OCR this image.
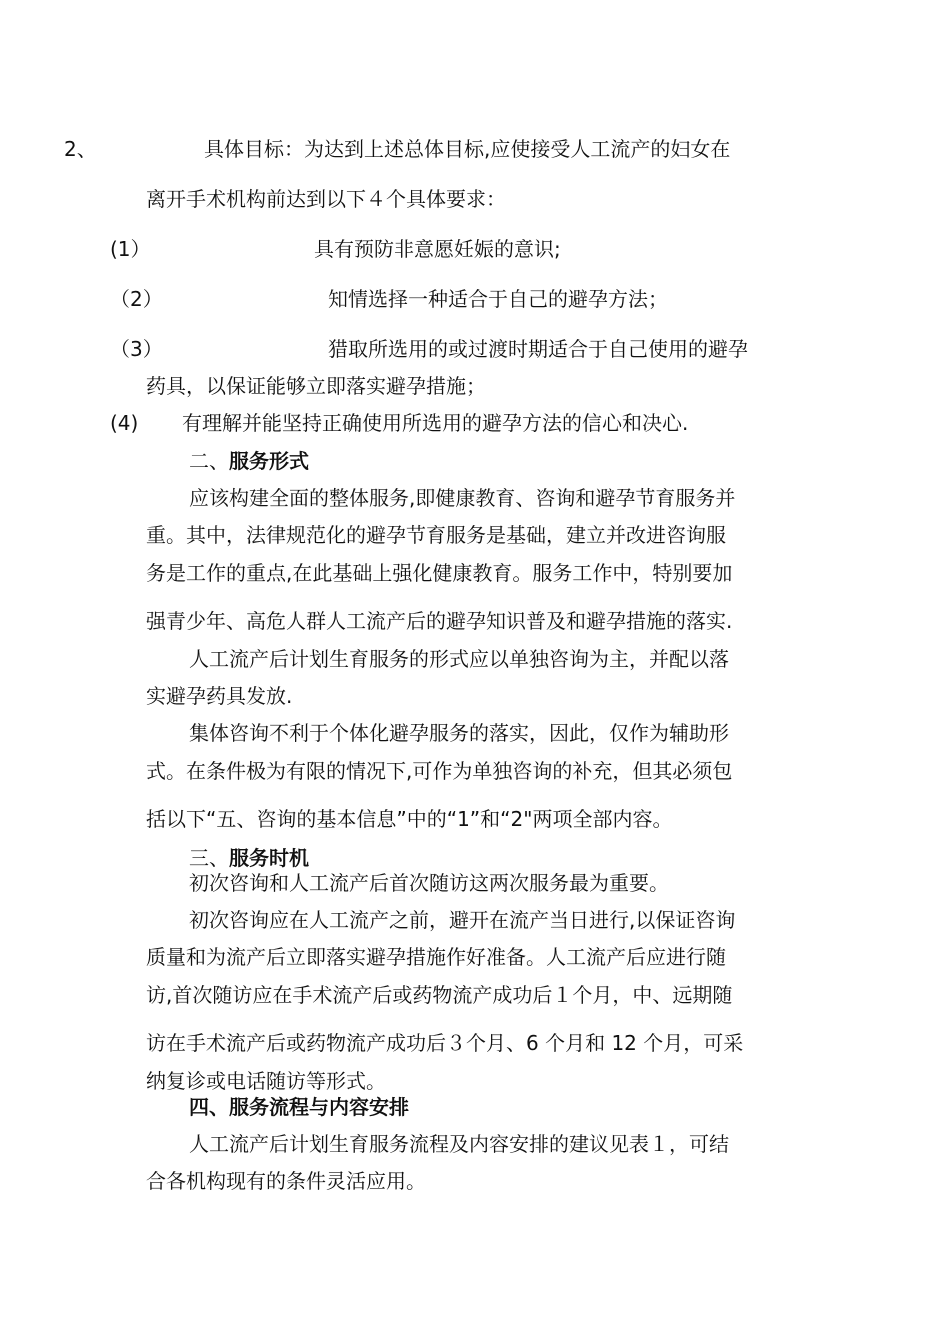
2、	具体目标：为达到上述总体目标,应使接受人工流产的妇女在
离开手术机构前达到以下４个具体要求：
(1）	具有预防非意愿妊娠的意识;
（2）	知情选择一种适合于自己的避孕方法；
（3）	猎取所选用的或过渡时期适合于自己使用的避孕
药具，以保证能够立即落实避孕措施；
(4) 有理解并能坚持正确使用所选用的避孕方法的信心和决心.
二、服务形式
应该构建全面的整体服务,即健康教育、咨询和避孕节育服务并
重。其中，法律规范化的避孕节育服务是基础，建立并改进咨询服
务是工作的重点,在此基础上强化健康教育。服务工作中，特别要加
强青少年、高危人群人工流产后的避孕知识普及和避孕措施的落实.
人工流产后计划生育服务的形式应以单独咨询为主，并配以落
实避孕药具发放.
集体咨询不利于个体化避孕服务的落实，因此，仅作为辅助形
式。在条件极为有限的情况下,可作为单独咨询的补充，但其必须包
括以下“五、咨询的基本信息”中的“1”和“2"两项全部内容。
三、服务时机
初次咨询和人工流产后首次随访这两次服务最为重要。
初次咨询应在人工流产之前，避开在流产当日进行,以保证咨询
质量和为流产后立即落实避孕措施作好准备。人工流产后应进行随
访,首次随访应在手术流产后或药物流产成功后１个月，中、远期随
访在手术流产后或药物流产成功后３个月、6 个月和 12 个月，可采
纳复诊或电话随访等形式。
四、服务流程与内容安排
人工流产后计划生育服务流程及内容安排的建议见表１，可结
合各机构现有的条件灵活应用。
